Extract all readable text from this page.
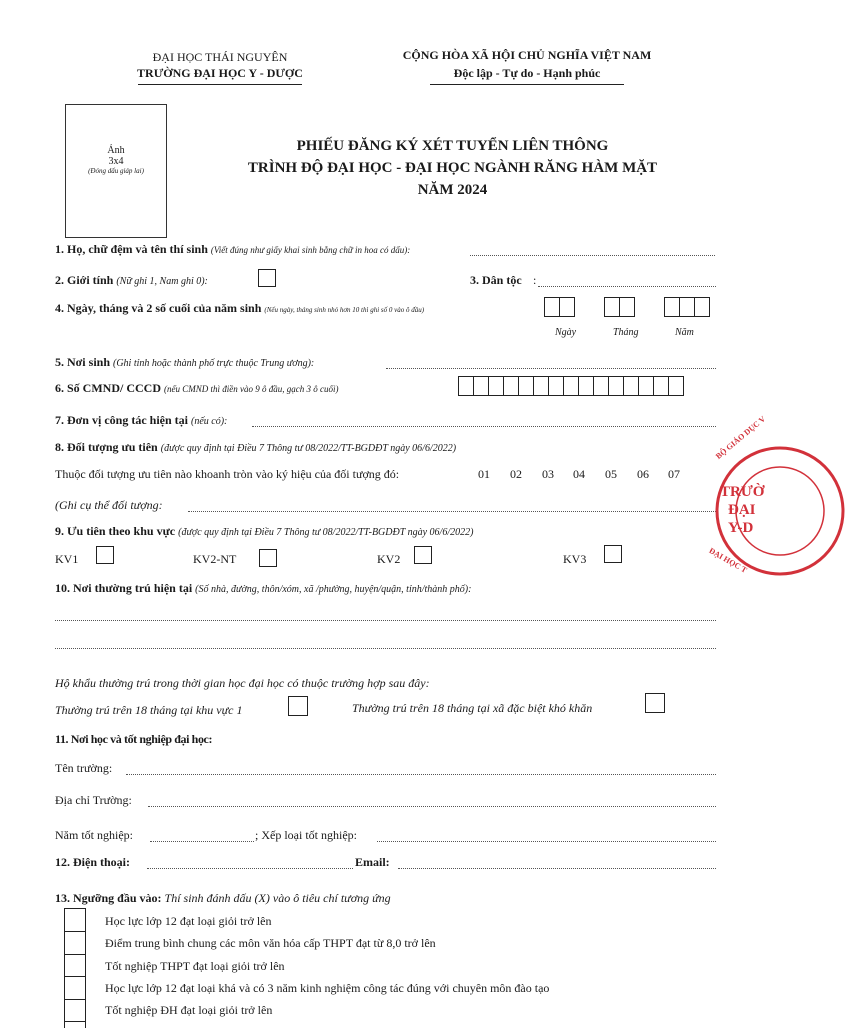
ĐẠI HỌC THÁI NGUYÊN
TRƯỜNG ĐẠI HỌC Y - DƯỢC
CỘNG HÒA XÃ HỘI CHỦ NGHĨA VIỆT NAM
Độc lập - Tự do - Hạnh phúc
Ảnh
3x4
(Đóng dấu giáp lai)
PHIẾU ĐĂNG KÝ XÉT TUYỂN LIÊN THÔNG
TRÌNH ĐỘ ĐẠI HỌC - ĐẠI HỌC NGÀNH RĂNG HÀM MẶT
NĂM 2024
1. Họ, chữ đệm và tên thí sinh (Viết đúng như giấy khai sinh bằng chữ in hoa có dấu):
2. Giới tính (Nữ ghi 1, Nam ghi 0):	3. Dân tộc :
4. Ngày, tháng và 2 số cuối của năm sinh (Nếu ngày, tháng sinh nhỏ hơn 10 thì ghi số 0 vào ô đầu)
Ngày	Tháng	Năm
5. Nơi sinh (Ghi tỉnh hoặc thành phố trực thuộc Trung ương):
6. Số CMND/ CCCD (nếu CMND thì điền vào 9 ô đầu, gạch 3 ô cuối)
7. Đơn vị công tác hiện tại (nếu có):
8. Đối tượng ưu tiên (được quy định tại Điều 7 Thông tư 08/2022/TT-BGDĐT ngày 06/6/2022)
Thuộc đối tượng ưu tiên nào khoanh tròn vào ký hiệu của đối tượng đó:	01 02 03 04 05 06 07
(Ghi cụ thể đối tượng:
9. Ưu tiên theo khu vực (được quy định tại Điều 7 Thông tư 08/2022/TT-BGDĐT ngày 06/6/2022)
KV1	KV2-NT	KV2	KV3
10. Nơi thường trú hiện tại (Số nhà, đường, thôn/xóm, xã /phường, huyện/quận, tỉnh/thành phố):
Hộ khẩu thường trú trong thời gian học đại học có thuộc trường hợp sau đây:
Thường trú trên 18 tháng tại khu vực 1	Thường trú trên 18 tháng tại xã đặc biệt khó khăn
11. Nơi học và tốt nghiệp đại học:
Tên trường:
Địa chỉ Trường:
Năm tốt nghiệp:	; Xếp loại tốt nghiệp:
12. Điện thoại:	Email:
13. Ngưỡng đầu vào: Thí sinh đánh dấu (X) vào ô tiêu chí tương ứng
Học lực lớp 12 đạt loại giỏi trở lên
Điểm trung bình chung các môn văn hóa cấp THPT đạt từ 8,0 trở lên
Tốt nghiệp THPT đạt loại giỏi trở lên
Học lực lớp 12 đạt loại khá và có 3 năm kinh nghiệm công tác đúng với chuyên môn đào tạo
Tốt nghiệp ĐH đạt loại giỏi trở lên
TRƯỜ
ĐẠI
Y-D
BỘ GIÁO DỤC V
ĐẠI HỌC T
